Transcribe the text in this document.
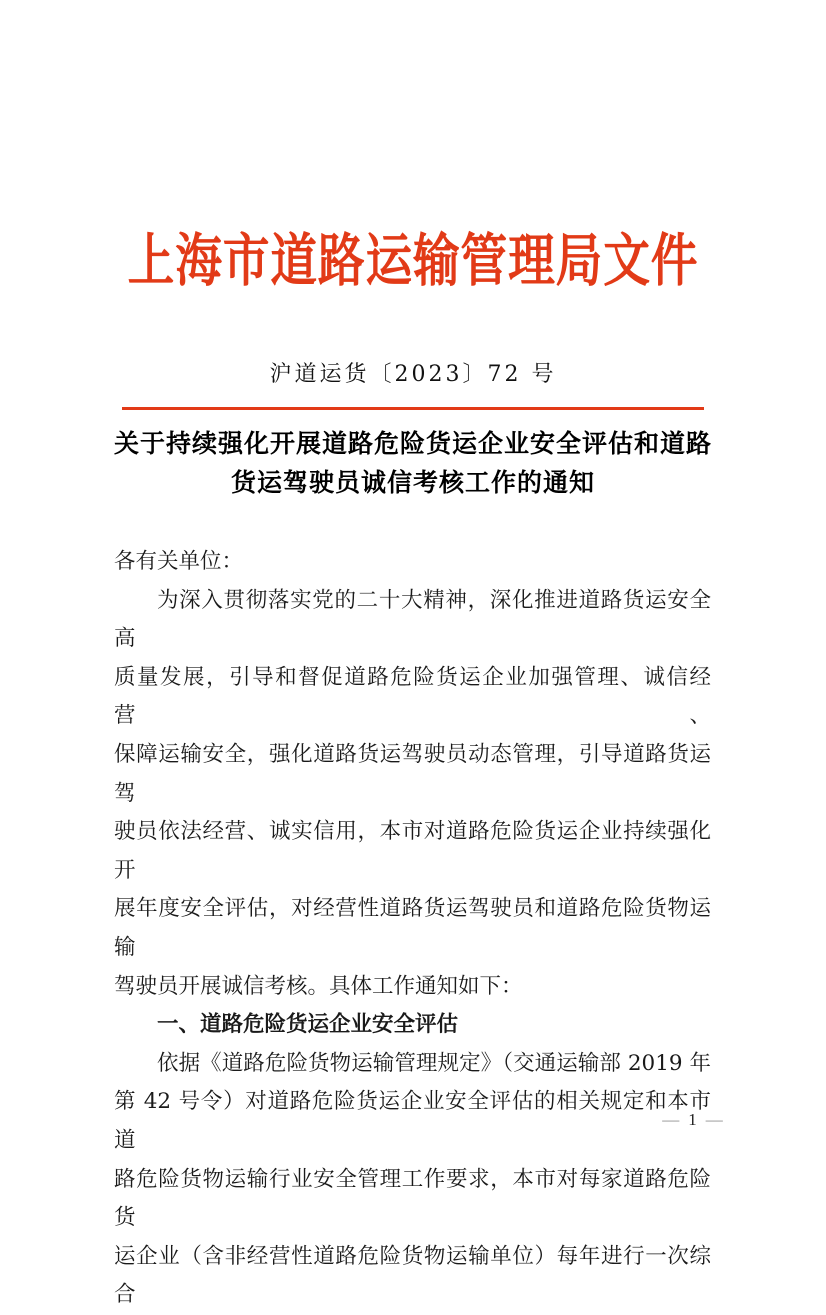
上海市道路运输管理局文件
沪道运货〔2023〕72 号
关于持续强化开展道路危险货运企业安全评估和道路
货运驾驶员诚信考核工作的通知
各有关单位：
为深入贯彻落实党的二十大精神，深化推进道路货运安全高
质量发展，引导和督促道路危险货运企业加强管理、诚信经营、
保障运输安全，强化道路货运驾驶员动态管理，引导道路货运驾
驶员依法经营、诚实信用，本市对道路危险货运企业持续强化开
展年度安全评估，对经营性道路货运驾驶员和道路危险货物运输
驾驶员开展诚信考核。具体工作通知如下：
一、道路危险货运企业安全评估
依据《道路危险货物运输管理规定》（交通运输部 2019 年
第 42 号令）对道路危险货运企业安全评估的相关规定和本市道
路危险货物运输行业安全管理工作要求，本市对每家道路危险货
运企业（含非经营性道路危险货物运输单位）每年进行一次综合
— 1 —
